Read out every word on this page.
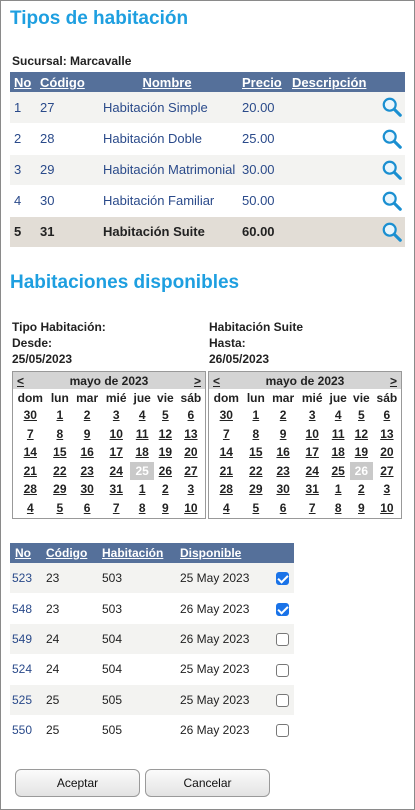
Tipos de habitación
Sucursal: Marcavalle
No	Código	Nombre	Precio	Descripción
1	27	Habitación Simple	20.00	
2	28	Habitación Doble	25.00	
3	29	Habitación Matrimonial	30.00	
4	30	Habitación Familiar	50.00	
5	31	Habitación Suite	60.00	
Habitaciones disponibles
Tipo Habitación:	Habitación Suite
Desde:	Hasta:
25/05/2023	26/05/2023
<	mayo de 2023	>
dom	lun	mar	mié	jue	vie	sáb
30	1	2	3	4	5	6
7	8	9	10	11	12	13
14	15	16	17	18	19	20
21	22	23	24	25	26	27
28	29	30	31	1	2	3
4	5	6	7	8	9	10
<	mayo de 2023	>
dom	lun	mar	mié	jue	vie	sáb
30	1	2	3	4	5	6
7	8	9	10	11	12	13
14	15	16	17	18	19	20
21	22	23	24	25	26	27
28	29	30	31	1	2	3
4	5	6	7	8	9	10
No	Código	Habitación	Disponible	
523	23	503	25 May 2023	
548	23	503	26 May 2023	
549	24	504	26 May 2023	
524	24	504	25 May 2023	
525	25	505	25 May 2023	
550	25	505	26 May 2023	
Aceptar	Cancelar
